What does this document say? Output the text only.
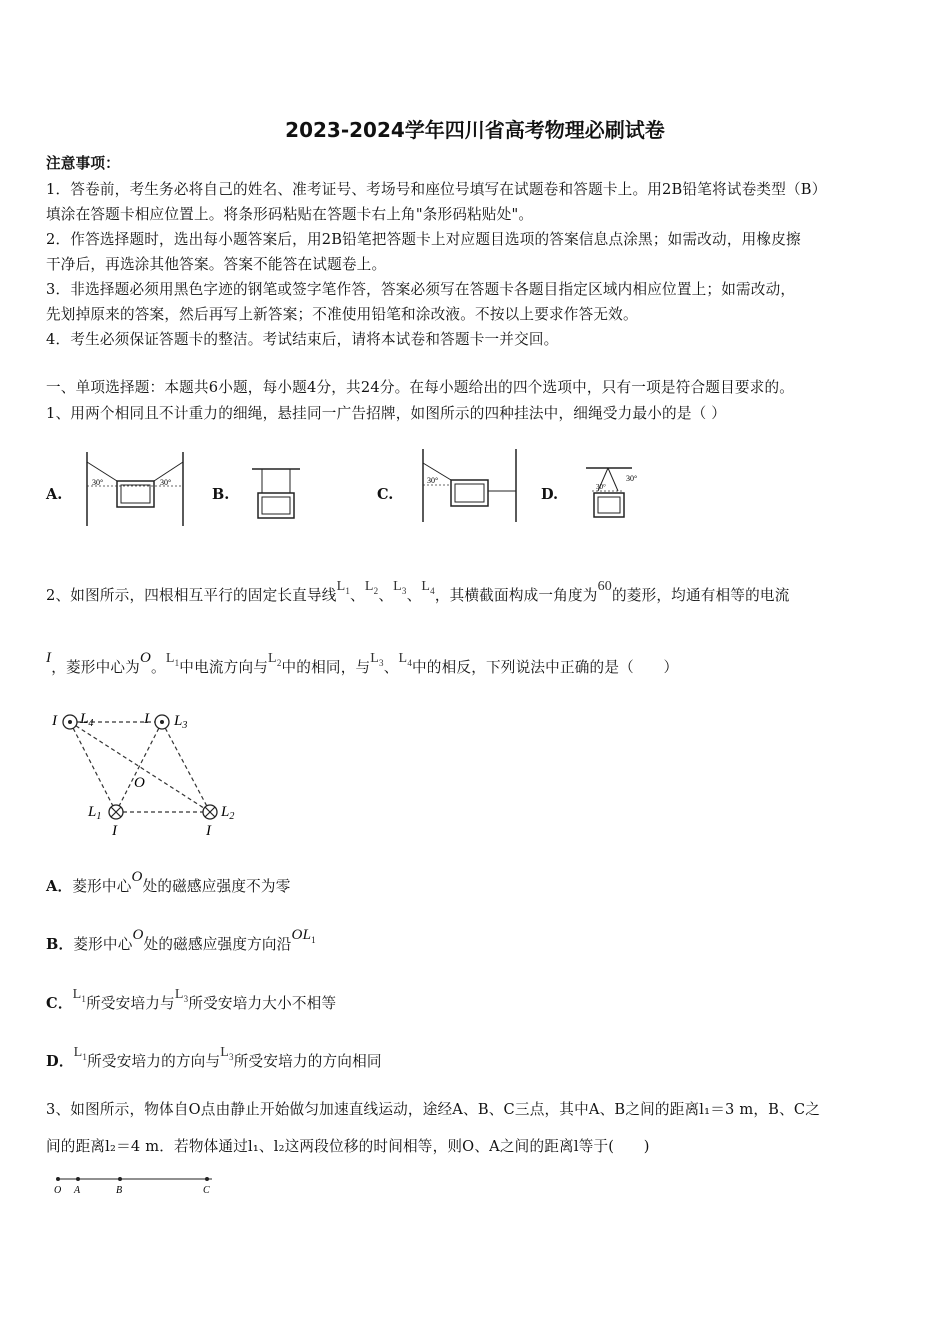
2023-2024学年四川省高考物理必刷试卷
注意事项：
1．答卷前，考生务必将自己的姓名、准考证号、考场号和座位号填写在试题卷和答题卡上。用2B铅笔将试卷类型（B）
填涂在答题卡相应位置上。将条形码粘贴在答题卡右上角"条形码粘贴处"。
2．作答选择题时，选出每小题答案后，用2B铅笔把答题卡上对应题目选项的答案信息点涂黑；如需改动，用橡皮擦
干净后，再选涂其他答案。答案不能答在试题卷上。
3．非选择题必须用黑色字迹的钢笔或签字笔作答，答案必须写在答题卡各题目指定区域内相应位置上；如需改动，
先划掉原来的答案，然后再写上新答案；不准使用铅笔和涂改液。不按以上要求作答无效。
4．考生必须保证答题卡的整洁。考试结束后，请将本试卷和答题卡一并交回。
一、单项选择题：本题共6小题，每小题4分，共24分。在每小题给出的四个选项中，只有一项是符合题目要求的。
1、用两个相同且不计重力的细绳，悬挂同一广告招牌，如图所示的四种挂法中，细绳受力最小的是（ ）
A.	B.	C.	D.
30°	30°	30°	30°
30°
2、如图所示，四根相互平行的固定长直导线$L_1$、$L_2$、$L_3$、$L_4$，其横截面构成一角度为60的菱形，均通有相等的电流
I，菱形中心为O。$L_1$中电流方向与$L_2$中的相同，与$L_3$、$L_4$中的相反，下列说法中正确的是（　　）
I $L_4$	I $L_3$
O
$L_1$
I
$L_2$
I
A．菱形中心O处的磁感应强度不为零
B．菱形中心O处的磁感应强度方向沿$OL_1$
C．$L_1$所受安培力与$L_3$所受安培力大小不相等
D．$L_1$所受安培力的方向与$L_3$所受安培力的方向相同
3、如图所示，物体自O点由静止开始做匀加速直线运动，途经A、B、C三点，其中A、B之间的距离l₁＝3 m，B、C之
间的距离l₂＝4 m．若物体通过l₁、l₂这两段位移的时间相等，则O、A之间的距离l等于(　　)
O A	B	C
